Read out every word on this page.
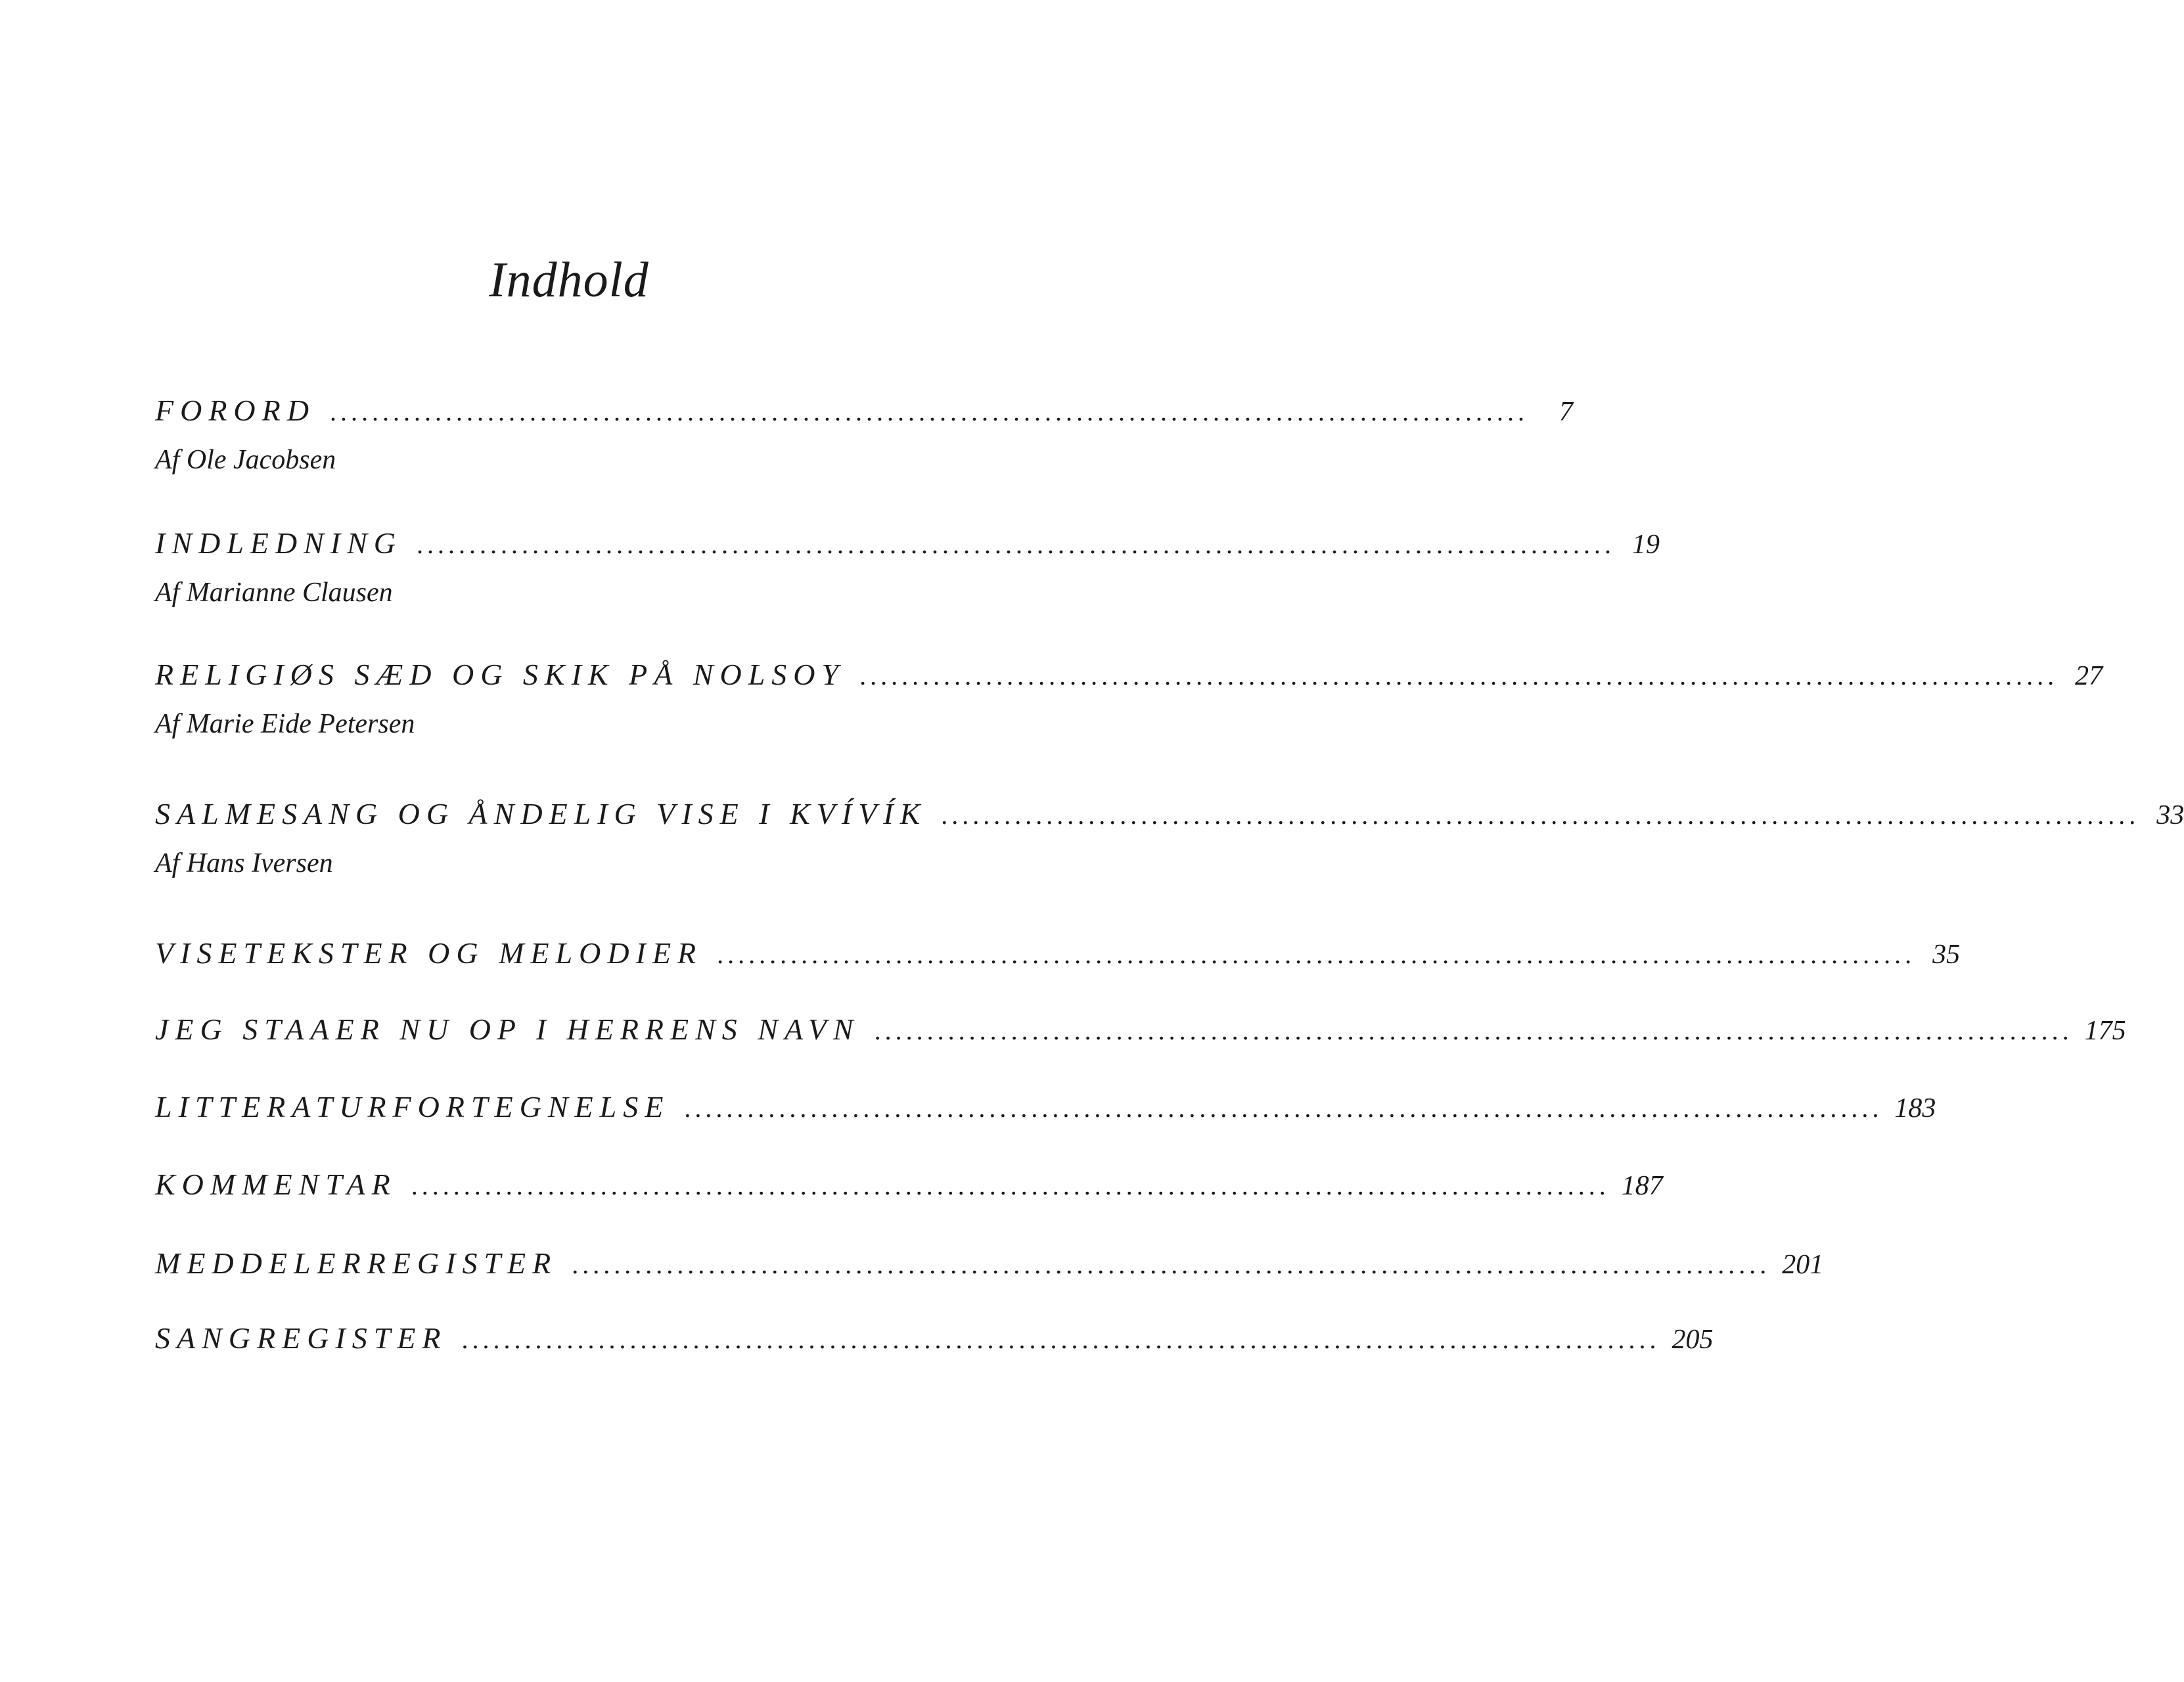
Indhold
FORORD ..................................................................................................................	7
Af Ole Jacobsen
INDLEDNING .................................................................................................................. 19
Af Marianne Clausen
RELIGIØS SÆD OG SKIK PÅ NOLSOY .................................................................................................................. 27
Af Marie Eide Petersen
SALMESANG OG ÅNDELIG VISE I KVÍVÍK .................................................................................................................. 33
Af Hans Iversen
VISETEKSTER OG MELODIER .................................................................................................................. 35
JEG STAAER NU OP I HERRENS NAVN .................................................................................................................. 175
LITTERATURFORTEGNELSE .................................................................................................................. 183
KOMMENTAR .................................................................................................................. 187
MEDDELERREGISTER .................................................................................................................. 201
SANGREGISTER .................................................................................................................. 205
